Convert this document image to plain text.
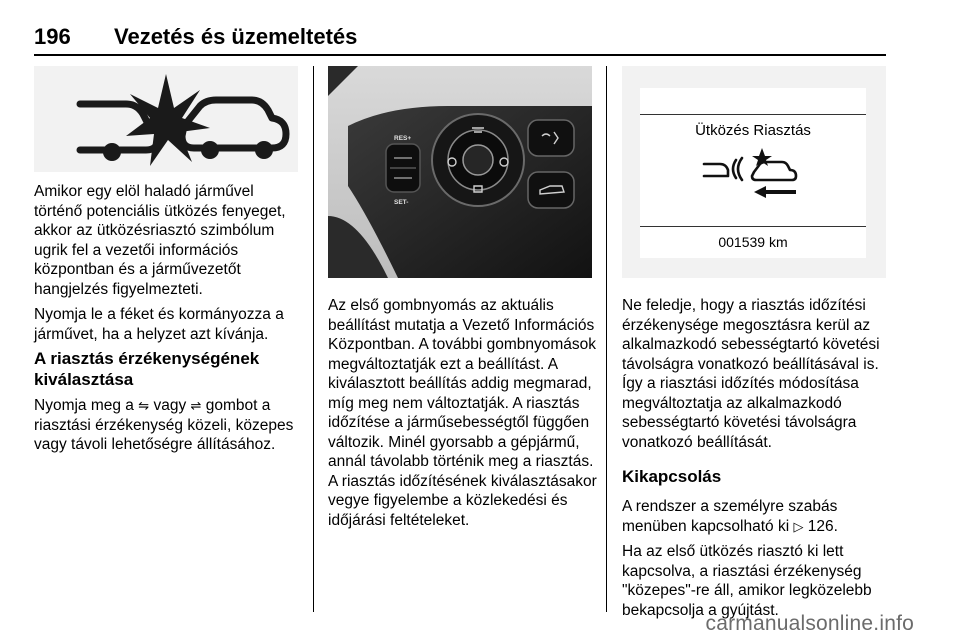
196 Vezetés és üzemeltetés

Amikor egy elöl haladó járművel történő potenciális ütközés fenyeget, akkor az ütközésriasztó szimbólum ugrik fel a vezetői információs központban és a járművezetőt hangjelzés figyelmezteti.

Nyomja le a féket és kormányozza a járművet, ha a helyzet azt kívánja.

A riasztás érzékenységének
kiválasztása
Nyomja meg a ⇋ vagy ⇌ gombot a riasztási érzékenység közeli, közepes vagy távoli lehetőségre állításához.
RES+
SET-

Az első gombnyomás az aktuális beállítást mutatja a Vezető Információs Központban. A további gombnyomások megváltoztatják ezt a beállítást. A kiválasztott beállítás addig megmarad, míg meg nem változtatják. A riasztás időzítése a járműsebességtől függően változik. Minél gyorsabb a gépjármű, annál távolabb történik meg a riasztás. A riasztás időzítésének kiválasztásakor vegye figyelembe a közlekedési és időjárási feltételeket.

Ütközés Riasztás
001539 km

Ne feledje, hogy a riasztás időzítési érzékenysége megosztásra kerül az alkalmazkodó sebességtartó követési távolságra vonatkozó beállításával is. Így a riasztási időzítés módosítása megváltoztatja az alkalmazkodó sebességtartó követési távolságra vonatkozó beállítását.

Kikapcsolás

A rendszer a személyre szabás menüben kapcsolható ki ▷ 126.

Ha az első ütközés riasztó ki lett kapcsolva, a riasztási érzékenység "közepes"-re áll, amikor legközelebb bekapcsolja a gyújtást.

carmanualsonline.info
